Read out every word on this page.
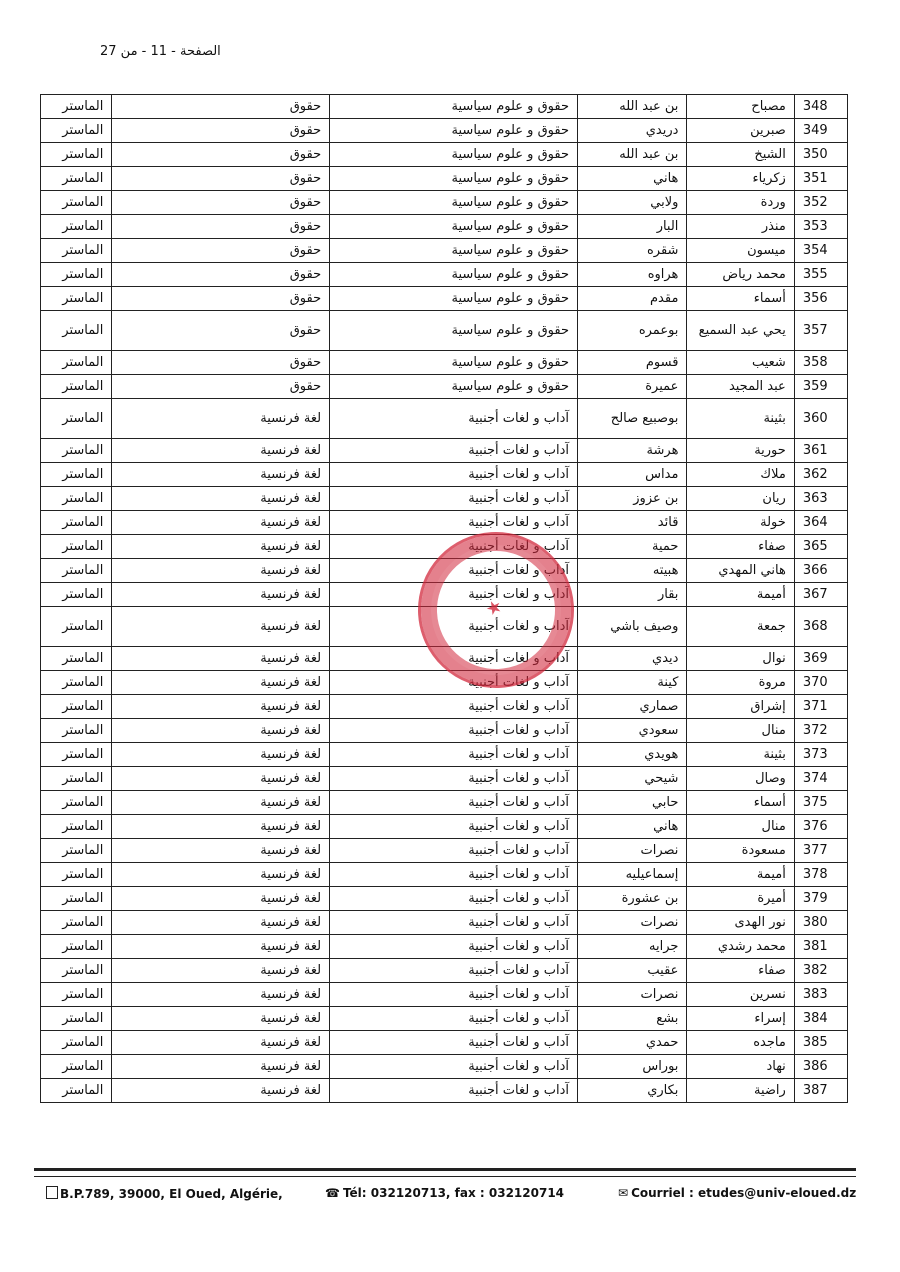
الصفحة - 11 - من 27
348	مصباح	بن عبد الله	حقوق و علوم سياسية	حقوق	الماستر
349	صبرين	دريدي	حقوق و علوم سياسية	حقوق	الماستر
350	الشيخ	بن عبد الله	حقوق و علوم سياسية	حقوق	الماستر
351	زكرياء	هاني	حقوق و علوم سياسية	حقوق	الماستر
352	وردة	ولابي	حقوق و علوم سياسية	حقوق	الماستر
353	منذر	البار	حقوق و علوم سياسية	حقوق	الماستر
354	ميسون	شقره	حقوق و علوم سياسية	حقوق	الماستر
355	محمد رياض	هراوه	حقوق و علوم سياسية	حقوق	الماستر
356	أسماء	مقدم	حقوق و علوم سياسية	حقوق	الماستر
357	يحي عبد السميع	بوعمره	حقوق و علوم سياسية	حقوق	الماستر
358	شعيب	قسوم	حقوق و علوم سياسية	حقوق	الماستر
359	عبد المجيد	عميرة	حقوق و علوم سياسية	حقوق	الماستر
360	بثينة	بوصبيع صالح	آداب و لغات أجنبية	لغة فرنسية	الماستر
361	حورية	هرشة	آداب و لغات أجنبية	لغة فرنسية	الماستر
362	ملاك	مداس	آداب و لغات أجنبية	لغة فرنسية	الماستر
363	ريان	بن عزوز	آداب و لغات أجنبية	لغة فرنسية	الماستر
364	خولة	قائد	آداب و لغات أجنبية	لغة فرنسية	الماستر
365	صفاء	حمية	آداب و لغات أجنبية	لغة فرنسية	الماستر
366	هاني المهدي	هبيته	آداب و لغات أجنبية	لغة فرنسية	الماستر
367	أميمة	بقار	آداب و لغات أجنبية	لغة فرنسية	الماستر
368	جمعة	وصيف باشي	آداب و لغات أجنبية	لغة فرنسية	الماستر
369	نوال	ديدي	آداب و لغات أجنبية	لغة فرنسية	الماستر
370	مروة	كينة	آداب و لغات أجنبية	لغة فرنسية	الماستر
371	إشراق	صماري	آداب و لغات أجنبية	لغة فرنسية	الماستر
372	منال	سعودي	آداب و لغات أجنبية	لغة فرنسية	الماستر
373	بثينة	هويدي	آداب و لغات أجنبية	لغة فرنسية	الماستر
374	وصال	شيحي	آداب و لغات أجنبية	لغة فرنسية	الماستر
375	أسماء	حابي	آداب و لغات أجنبية	لغة فرنسية	الماستر
376	منال	هاني	آداب و لغات أجنبية	لغة فرنسية	الماستر
377	مسعودة	نصرات	آداب و لغات أجنبية	لغة فرنسية	الماستر
378	أميمة	إسماعيليه	آداب و لغات أجنبية	لغة فرنسية	الماستر
379	أميرة	بن عشورة	آداب و لغات أجنبية	لغة فرنسية	الماستر
380	نور الهدى	نصرات	آداب و لغات أجنبية	لغة فرنسية	الماستر
381	محمد رشدي	جرايه	آداب و لغات أجنبية	لغة فرنسية	الماستر
382	صفاء	عقيب	آداب و لغات أجنبية	لغة فرنسية	الماستر
383	نسرين	نصرات	آداب و لغات أجنبية	لغة فرنسية	الماستر
384	إسراء	بشع	آداب و لغات أجنبية	لغة فرنسية	الماستر
385	ماجده	حمدي	آداب و لغات أجنبية	لغة فرنسية	الماستر
386	نهاد	بوراس	آداب و لغات أجنبية	لغة فرنسية	الماستر
387	راضية	بكاري	آداب و لغات أجنبية	لغة فرنسية	الماستر
★
B.P.789, 39000, El Oued, Algérie,	☎ Tél: 032120713, fax : 032120714	✉ Courriel : etudes@univ-eloued.dz
